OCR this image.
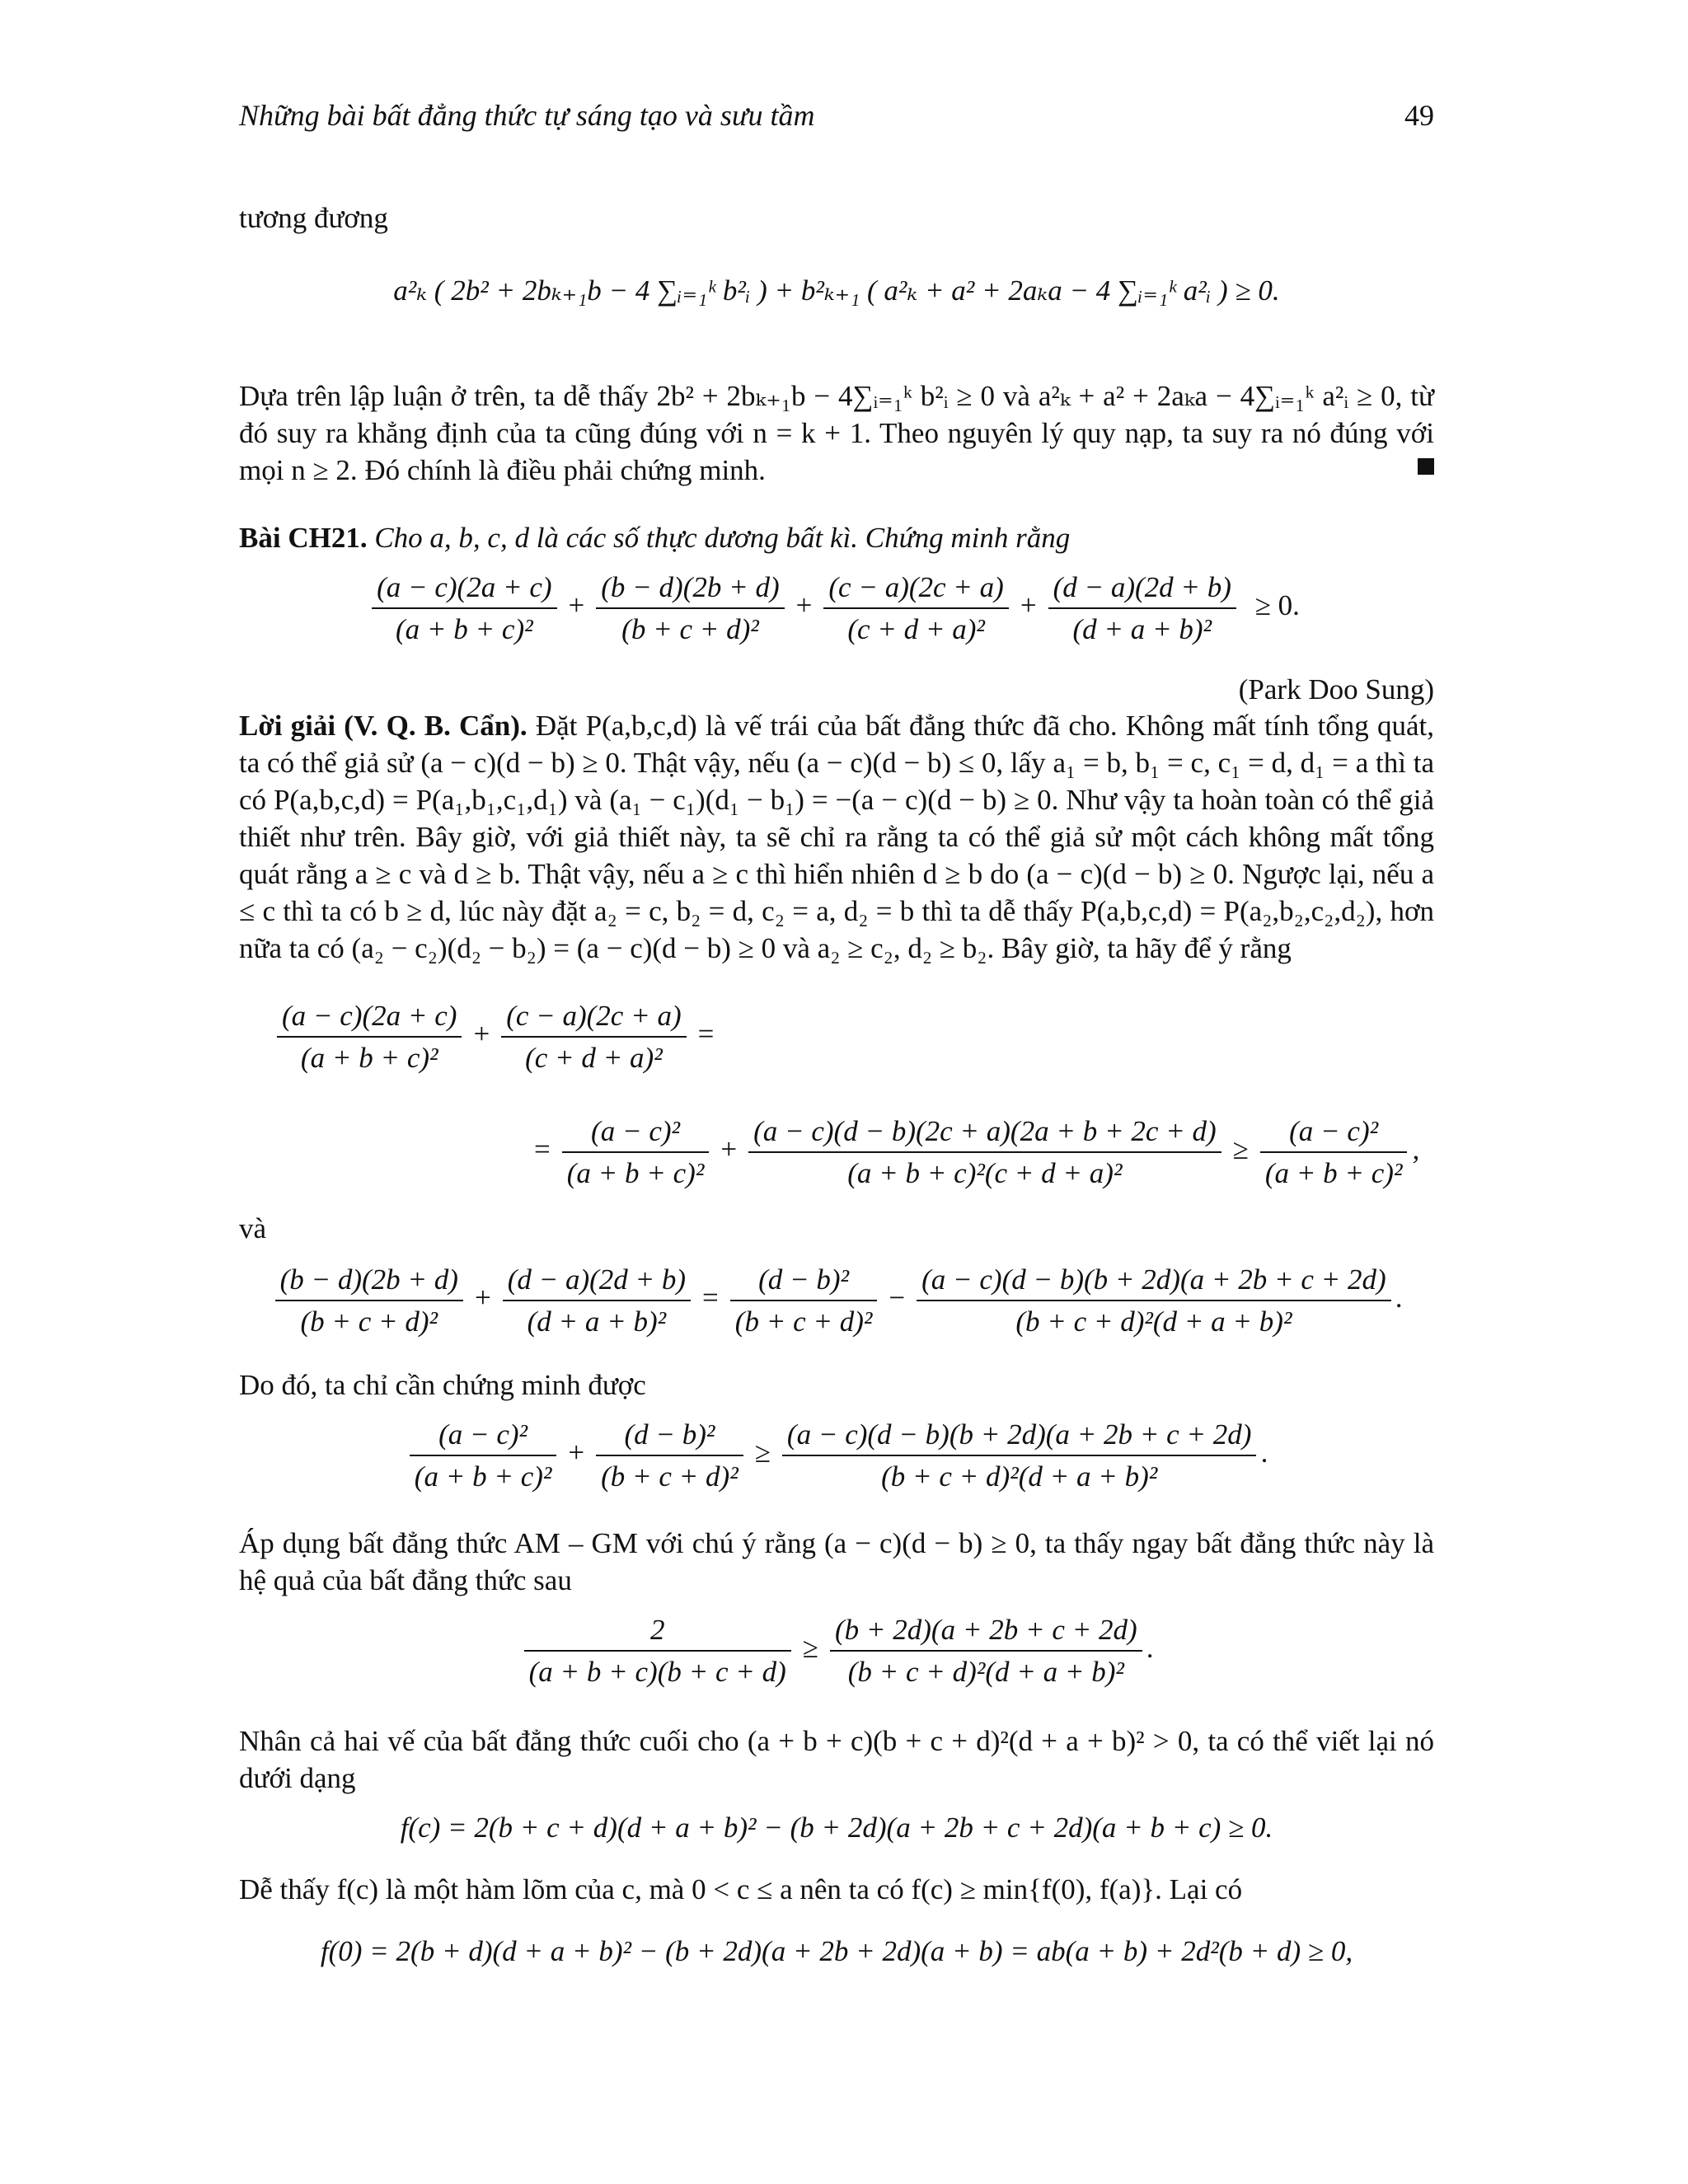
Những bài bất đẳng thức tự sáng tạo và sưu tầm	49
tương đương
a²ₖ ( 2b² + 2bₖ₊₁b − 4 ∑ᵢ₌₁ᵏ b²ᵢ ) + b²ₖ₊₁ ( a²ₖ + a² + 2aₖa − 4 ∑ᵢ₌₁ᵏ a²ᵢ ) ≥ 0.
Dựa trên lập luận ở trên, ta dễ thấy 2b² + 2bₖ₊₁b − 4∑ᵢ₌₁ᵏ b²ᵢ ≥ 0 và a²ₖ + a² + 2aₖa − 4∑ᵢ₌₁ᵏ a²ᵢ ≥ 0, từ đó suy ra khẳng định của ta cũng đúng với n = k + 1. Theo nguyên lý quy nạp, ta suy ra nó đúng với mọi n ≥ 2. Đó chính là điều phải chứng minh.
Bài CH21. Cho a, b, c, d là các số thực dương bất kì. Chứng minh rằng
$\frac{(a - c)(2a + c)}{\text{(a + b + c)²}} + \frac{(b - d)(2b + d)}{\text{(b + c + d)²}} + \frac{(c - a)(2c + a)}{\text{(c + d + a)²}} + \frac{(d - a)(2d + b)}{\text{(d + a + b)²}} \ge 0$.
(Park Doo Sung)
Lời giải (V. Q. B. Cẩn). Đặt P(a,b,c,d) là vế trái của bất đẳng thức đã cho. Không mất tính tổng quát, ta có thể giả sử (a − c)(d − b) ≥ 0. Thật vậy, nếu (a − c)(d − b) ≤ 0, lấy a₁ = b, b₁ = c, c₁ = d, d₁ = a thì ta có P(a,b,c,d) = P(a₁,b₁,c₁,d₁) và (a₁ − c₁)(d₁ − b₁) = −(a − c)(d − b) ≥ 0. Như vậy ta hoàn toàn có thể giả thiết như trên. Bây giờ, với giả thiết này, ta sẽ chỉ ra rằng ta có thể giả sử một cách không mất tổng quát rằng a ≥ c và d ≥ b. Thật vậy, nếu a ≥ c thì hiển nhiên d ≥ b do (a − c)(d − b) ≥ 0. Ngược lại, nếu a ≤ c thì ta có b ≥ d, lúc này đặt a₂ = c, b₂ = d, c₂ = a, d₂ = b thì ta dễ thấy P(a,b,c,d) = P(a₂,b₂,c₂,d₂), hơn nữa ta có (a₂ − c₂)(d₂ − b₂) = (a − c)(d − b) ≥ 0 và a₂ ≥ c₂, d₂ ≥ b₂. Bây giờ, ta hãy để ý rằng
$\frac{(a - c)(2a + c)}{\text{(a + b + c)²}} + \frac{(c - a)(2c + a)}{\text{(c + d + a)²}}$ =
= $\frac{\text{(a − c)²}}{\text{(a + b + c)²}} + \frac{(a - c)(d - b)(2c + a)(2a + b + 2c + d)}{\text{(a + b + c)²(c + d + a)²}} \ge \frac{\text{(a − c)²}}{\text{(a + b + c)²}}$ ,
và
$\frac{(b - d)(2b + d)}{\text{(b + c + d)²}} + \frac{(d - a)(2d + b)}{\text{(d + a + b)²}} = \frac{\text{(d − b)²}}{\text{(b + c + d)²}} - \frac{(a - c)(d - b)(b + 2d)(a + 2b + c + 2d)}{\text{(b + c + d)²(d + a + b)²}}$ .
Do đó, ta chỉ cần chứng minh được
$\frac{\text{(a − c)²}}{\text{(a + b + c)²}} + \frac{\text{(d − b)²}}{\text{(b + c + d)²}} \ge \frac{(a - c)(d - b)(b + 2d)(a + 2b + c + 2d)}{\text{(b + c + d)²(d + a + b)²}}$ .
Áp dụng bất đẳng thức AM – GM với chú ý rằng (a − c)(d − b) ≥ 0, ta thấy ngay bất đẳng thức này là hệ quả của bất đẳng thức sau
$\frac{2}{(a + b + c)(b + c + d)} \ge \frac{(b + 2d)(a + 2b + c + 2d)}{\text{(b + c + d)²(d + a + b)²}}$ .
Nhân cả hai vế của bất đẳng thức cuối cho (a + b + c)(b + c + d)²(d + a + b)² > 0, ta có thể viết lại nó dưới dạng
f(c) = 2(b + c + d)(d + a + b)² − (b + 2d)(a + 2b + c + 2d)(a + b + c) ≥ 0.
Dễ thấy f(c) là một hàm lõm của c, mà 0 < c ≤ a nên ta có f(c) ≥ min{f(0), f(a)}. Lại có
f(0) = 2(b + d)(d + a + b)² − (b + 2d)(a + 2b + 2d)(a + b) = ab(a + b) + 2d²(b + d) ≥ 0,
